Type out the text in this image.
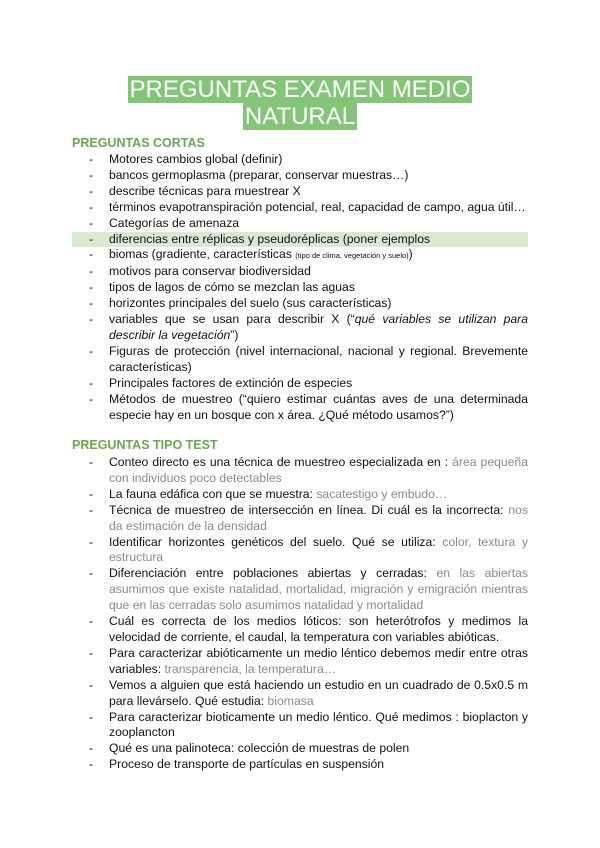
PREGUNTAS EXAMEN MEDIO
NATURAL
PREGUNTAS CORTAS
- Motores cambios global (definir)
- bancos germoplasma (preparar, conservar muestras…)
- describe técnicas para muestrear X
- términos evapotranspiración potencial, real, capacidad de campo, agua útil…
- Categorías de amenaza
- diferencias entre réplicas y pseudoréplicas (poner ejemplos
- biomas (gradiente, características (tipo de clima, vegetación y suelo))
- motivos para conservar biodiversidad
- tipos de lagos de cómo se mezclan las aguas
- horizontes principales del suelo (sus características)
- variables que se usan para describir X (“qué variables se utilizan para describir la vegetación”)
- Figuras de protección (nivel internacional, nacional y regional. Brevemente características)
- Principales factores de extinción de especies
- Métodos de muestreo (“quiero estimar cuántas aves de una determinada especie hay en un bosque con x área. ¿Qué método usamos?”)
PREGUNTAS TIPO TEST
- Conteo directo es una técnica de muestreo especializada en : área pequeña con individuos poco detectables
- La fauna edáfica con que se muestra: sacatestigo y embudo…
- Técnica de muestreo de intersección en línea. Di cuál es la incorrecta: nos da estimación de la densidad
- Identificar horizontes genéticos del suelo. Qué se utiliza: color, textura y estructura
- Diferenciación entre poblaciones abiertas y cerradas: en las abiertas asumimos que existe natalidad, mortalidad, migración y emigración mientras que en las cerradas solo asumimos natalidad y mortalidad
- Cuál es correcta de los medios lóticos: son heterótrofos y medimos la velocidad de corriente, el caudal, la temperatura con variables abióticas.
- Para caracterizar abióticamente un medio léntico debemos medir entre otras variables: transparencia, la temperatura…
- Vemos a alguien que está haciendo un estudio en un cuadrado de 0.5x0.5 m para llevárselo. Qué estudia: biomasa
- Para caracterizar bioticamente un medio léntico. Qué medimos : bioplacton y zooplancton
- Qué es una palinoteca: colección de muestras de polen
- Proceso de transporte de partículas en suspensión
